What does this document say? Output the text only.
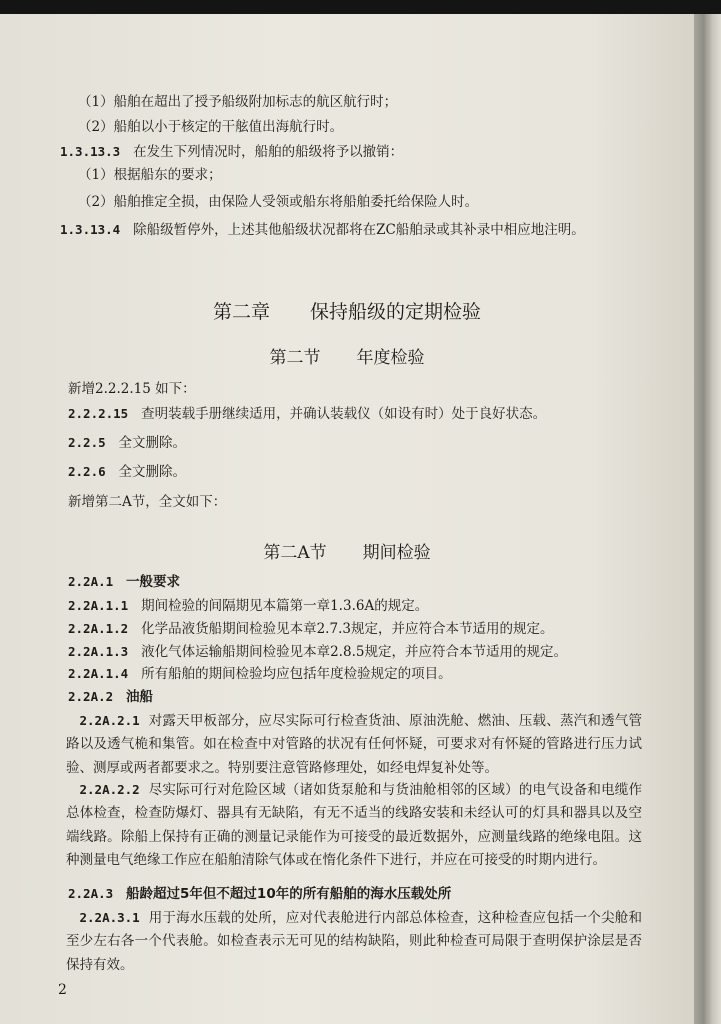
（1）船舶在超出了授予船级附加标志的航区航行时；
（2）船舶以小于核定的干舷值出海航行时。
1.3.13.3 在发生下列情况时，船舶的船级将予以撤销：
（1）根据船东的要求；
（2）船舶推定全损，由保险人受领或船东将船舶委托给保险人时。
1.3.13.4 除船级暂停外，上述其他船级状况都将在ZC船舶录或其补录中相应地注明。
第二章 保持船级的定期检验
第二节 年度检验
新增2.2.2.15 如下：
2.2.2.15 查明装载手册继续适用，并确认装载仪（如设有时）处于良好状态。
2.2.5 全文删除。
2.2.6 全文删除。
新增第二A节，全文如下：
第二A节 期间检验
2.2A.1 一般要求
2.2A.1.1 期间检验的间隔期见本篇第一章1.3.6A的规定。
2.2A.1.2 化学品液货船期间检验见本章2.7.3规定，并应符合本节适用的规定。
2.2A.1.3 液化气体运输船期间检验见本章2.8.5规定，并应符合本节适用的规定。
2.2A.1.4 所有船舶的期间检验均应包括年度检验规定的项目。
2.2A.2 油船
2.2A.2.1 对露天甲板部分，应尽实际可行检查货油、原油洗舱、燃油、压载、蒸汽和透气管路以及透气桅和集管。如在检查中对管路的状况有任何怀疑，可要求对有怀疑的管路进行压力试验、测厚或两者都要求之。特别要注意管路修理处，如经电焊复补处等。
2.2A.2.2 尽实际可行对危险区域（诸如货泵舱和与货油舱相邻的区域）的电气设备和电缆作总体检查，检查防爆灯、器具有无缺陷，有无不适当的线路安装和未经认可的灯具和器具以及空端线路。除船上保持有正确的测量记录能作为可接受的最近数据外，应测量线路的绝缘电阻。这种测量电气绝缘工作应在船舶清除气体或在惰化条件下进行，并应在可接受的时期内进行。
2.2A.3 船龄超过5年但不超过10年的所有船舶的海水压载处所
2.2A.3.1 用于海水压载的处所，应对代表舱进行内部总体检查，这种检查应包括一个尖舱和至少左右各一个代表舱。如检查表示无可见的结构缺陷，则此种检查可局限于查明保护涂层是否保持有效。
2
